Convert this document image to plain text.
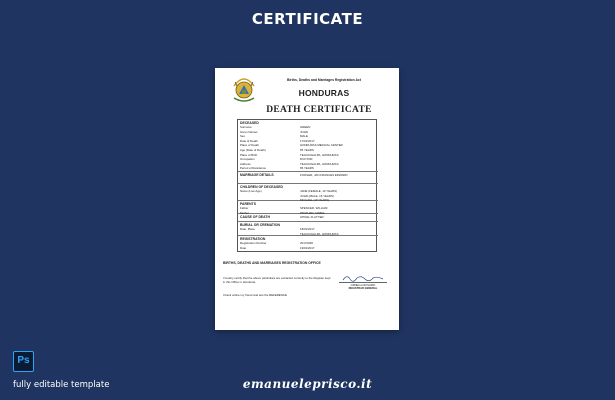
CERTIFICATE
Births, Deaths and Marriages Registration Act
HONDURAS
DEATH CERTIFICATE
DECEASED
Surname	GREEN
Given Names	JOHN
Sex	MALE
Date of Death	17/01/2017
Place of Death	HONDURAS MEDICAL CENTER
Age (Date of Death)	65 YEARS
Place of Birth	TEGUCIGALPA, HONDURAS
Occupation	DOCTOR
Address	TEGUCIGALPA, HONDURAS
Period of Residence	65 YEARS
MARRIAGE DETAILS	FOWLER, JAN FRANCES EDWARD
CHILDREN OF DECEASED
Name (Live Age)	JANE (FEMALE, 10 YEARS)
JOHN (MALE, 15 YEARS)
MICHAEL (18 YEARS)
PARENTS
Father	SPENCER, WILLIAM
Mother	PRATHER, MABEL
CAUSE OF DEATH	ATRIAL FLUTTER
BURIAL OR CREMATION
Date, Place	18/01/2017
TEGUCIGALPA, HONDURAS
REGISTRATION
Registration Number	20172048
Date	19/01/2017
BIRTHS, DEATHS AND MARRIAGES REGISTRATION OFFICE
I hereby certify that the above particulars are extracted correctly to the Register kept in this Office in Honduras.
ORNELLA ROSARIO
REGISTRAR GENERAL
Check online my friend and test the REFERENCE
Ps
fully editable template	emanueleprisco.it
